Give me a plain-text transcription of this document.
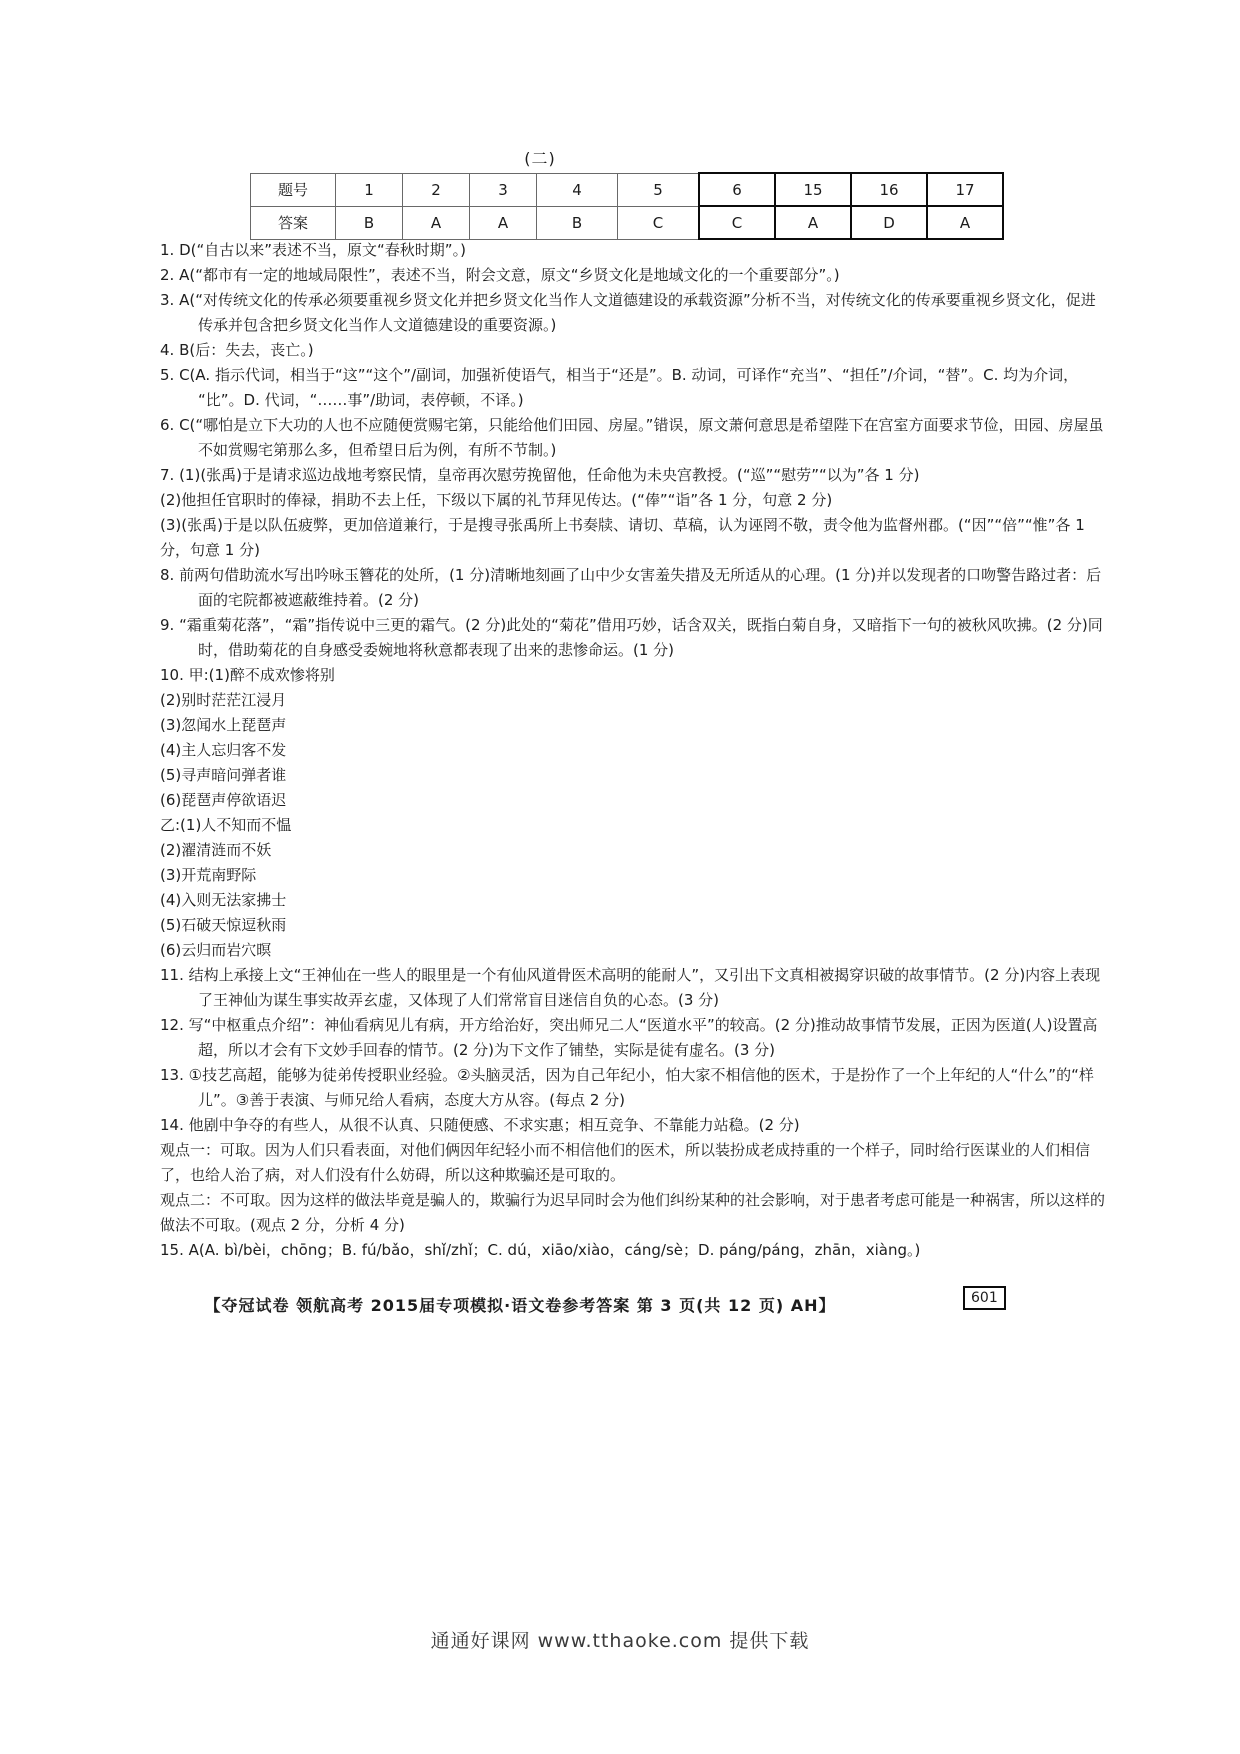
(二)
题号	1	2	3	4	5	6	15	16	17
答案	B	A	A	B	C	C	A	D	A

1. D(“自古以来”表述不当，原文“春秋时期”。)

2. A(“都市有一定的地域局限性”，表述不当，附会文意，原文“乡贤文化是地域文化的一个重要部分”。)

3. A(“对传统文化的传承必须要重视乡贤文化并把乡贤文化当作人文道德建设的承载资源”分析不当，对传统文化的传承要重视乡贤文化，促进传承并包含把乡贤文化当作人文道德建设的重要资源。)

4. B(后：失去，丧亡。)

5. C(A. 指示代词，相当于“这”“这个”/副词，加强祈使语气，相当于“还是”。B. 动词，可译作“充当”、“担任”/介词，“替”。C. 均为介词，“比”。D. 代词，“……事”/助词，表停顿，不译。)

6. C(“哪怕是立下大功的人也不应随便赏赐宅第，只能给他们田园、房屋。”错误，原文萧何意思是希望陛下在宫室方面要求节俭，田园、房屋虽不如赏赐宅第那么多，但希望日后为例，有所不节制。)

7. (1)(张禹)于是请求巡边战地考察民情，皇帝再次慰劳挽留他，任命他为未央宫教授。(“巡”“慰劳”“以为”各 1 分)

(2)他担任官职时的俸禄，捐助不去上任，下级以下属的礼节拜见传达。(“俸”“诣”各 1 分，句意 2 分)

(3)(张禹)于是以队伍疲弊，更加倍道兼行，于是搜寻张禹所上书奏牍、请切、草稿，认为诬罔不敬，责令他为监督州郡。(“因”“倍”“惟”各 1 分，句意 1 分)

8. 前两句借助流水写出吟咏玉簪花的处所，(1 分)清晰地刻画了山中少女害羞失措及无所适从的心理。(1 分)并以发现者的口吻警告路过者：后面的宅院都被遮蔽维持着。(2 分)

9. “霜重菊花落”，“霜”指传说中三更的霜气。(2 分)此处的“菊花”借用巧妙，话含双关，既指白菊自身，又暗指下一句的被秋风吹拂。(2 分)同时，借助菊花的自身感受委婉地将秋意都表现了出来的悲惨命运。(1 分)

10. 甲:(1)醉不成欢惨将别

(2)别时茫茫江浸月

(3)忽闻水上琵琶声

(4)主人忘归客不发

(5)寻声暗问弹者谁

(6)琵琶声停欲语迟

乙:(1)人不知而不愠

(2)濯清涟而不妖

(3)开荒南野际

(4)入则无法家拂士

(5)石破天惊逗秋雨

(6)云归而岩穴暝

11. 结构上承接上文“王神仙在一些人的眼里是一个有仙风道骨医术高明的能耐人”，又引出下文真相被揭穿识破的故事情节。(2 分)内容上表现了王神仙为谋生事实故弄玄虚，又体现了人们常常盲目迷信自负的心态。(3 分)

12. 写“中枢重点介绍”：神仙看病见儿有病，开方给治好，突出师兄二人“医道水平”的较高。(2 分)推动故事情节发展，正因为医道(人)设置高超，所以才会有下文妙手回春的情节。(2 分)为下文作了铺垫，实际是徒有虚名。(3 分)

13. ①技艺高超，能够为徒弟传授职业经验。②头脑灵活，因为自己年纪小，怕大家不相信他的医术，于是扮作了一个上年纪的人“什么”的“样儿”。③善于表演、与师兄给人看病，态度大方从容。(每点 2 分)

14. 他剧中争夺的有些人，从很不认真、只随便感、不求实惠；相互竞争、不靠能力站稳。(2 分)

观点一：可取。因为人们只看表面，对他们俩因年纪轻小而不相信他们的医术，所以装扮成老成持重的一个样子，同时给行医谋业的人们相信了，也给人治了病，对人们没有什么妨碍，所以这种欺骗还是可取的。

观点二：不可取。因为这样的做法毕竟是骗人的，欺骗行为迟早同时会为他们纠纷某种的社会影响，对于患者考虑可能是一种祸害，所以这样的做法不可取。(观点 2 分，分析 4 分)

15. A(A. bì/bèi，chōng；B. fú/bǎo，shǐ/zhǐ；C. dú，xiāo/xiào，cáng/sè；D. páng/páng，zhān，xiàng。)

【夺冠试卷 领航高考 2015届专项模拟·语文卷参考答案 第 3 页(共 12 页) AH】	601
通通好课网 www.tthaoke.com 提供下载
